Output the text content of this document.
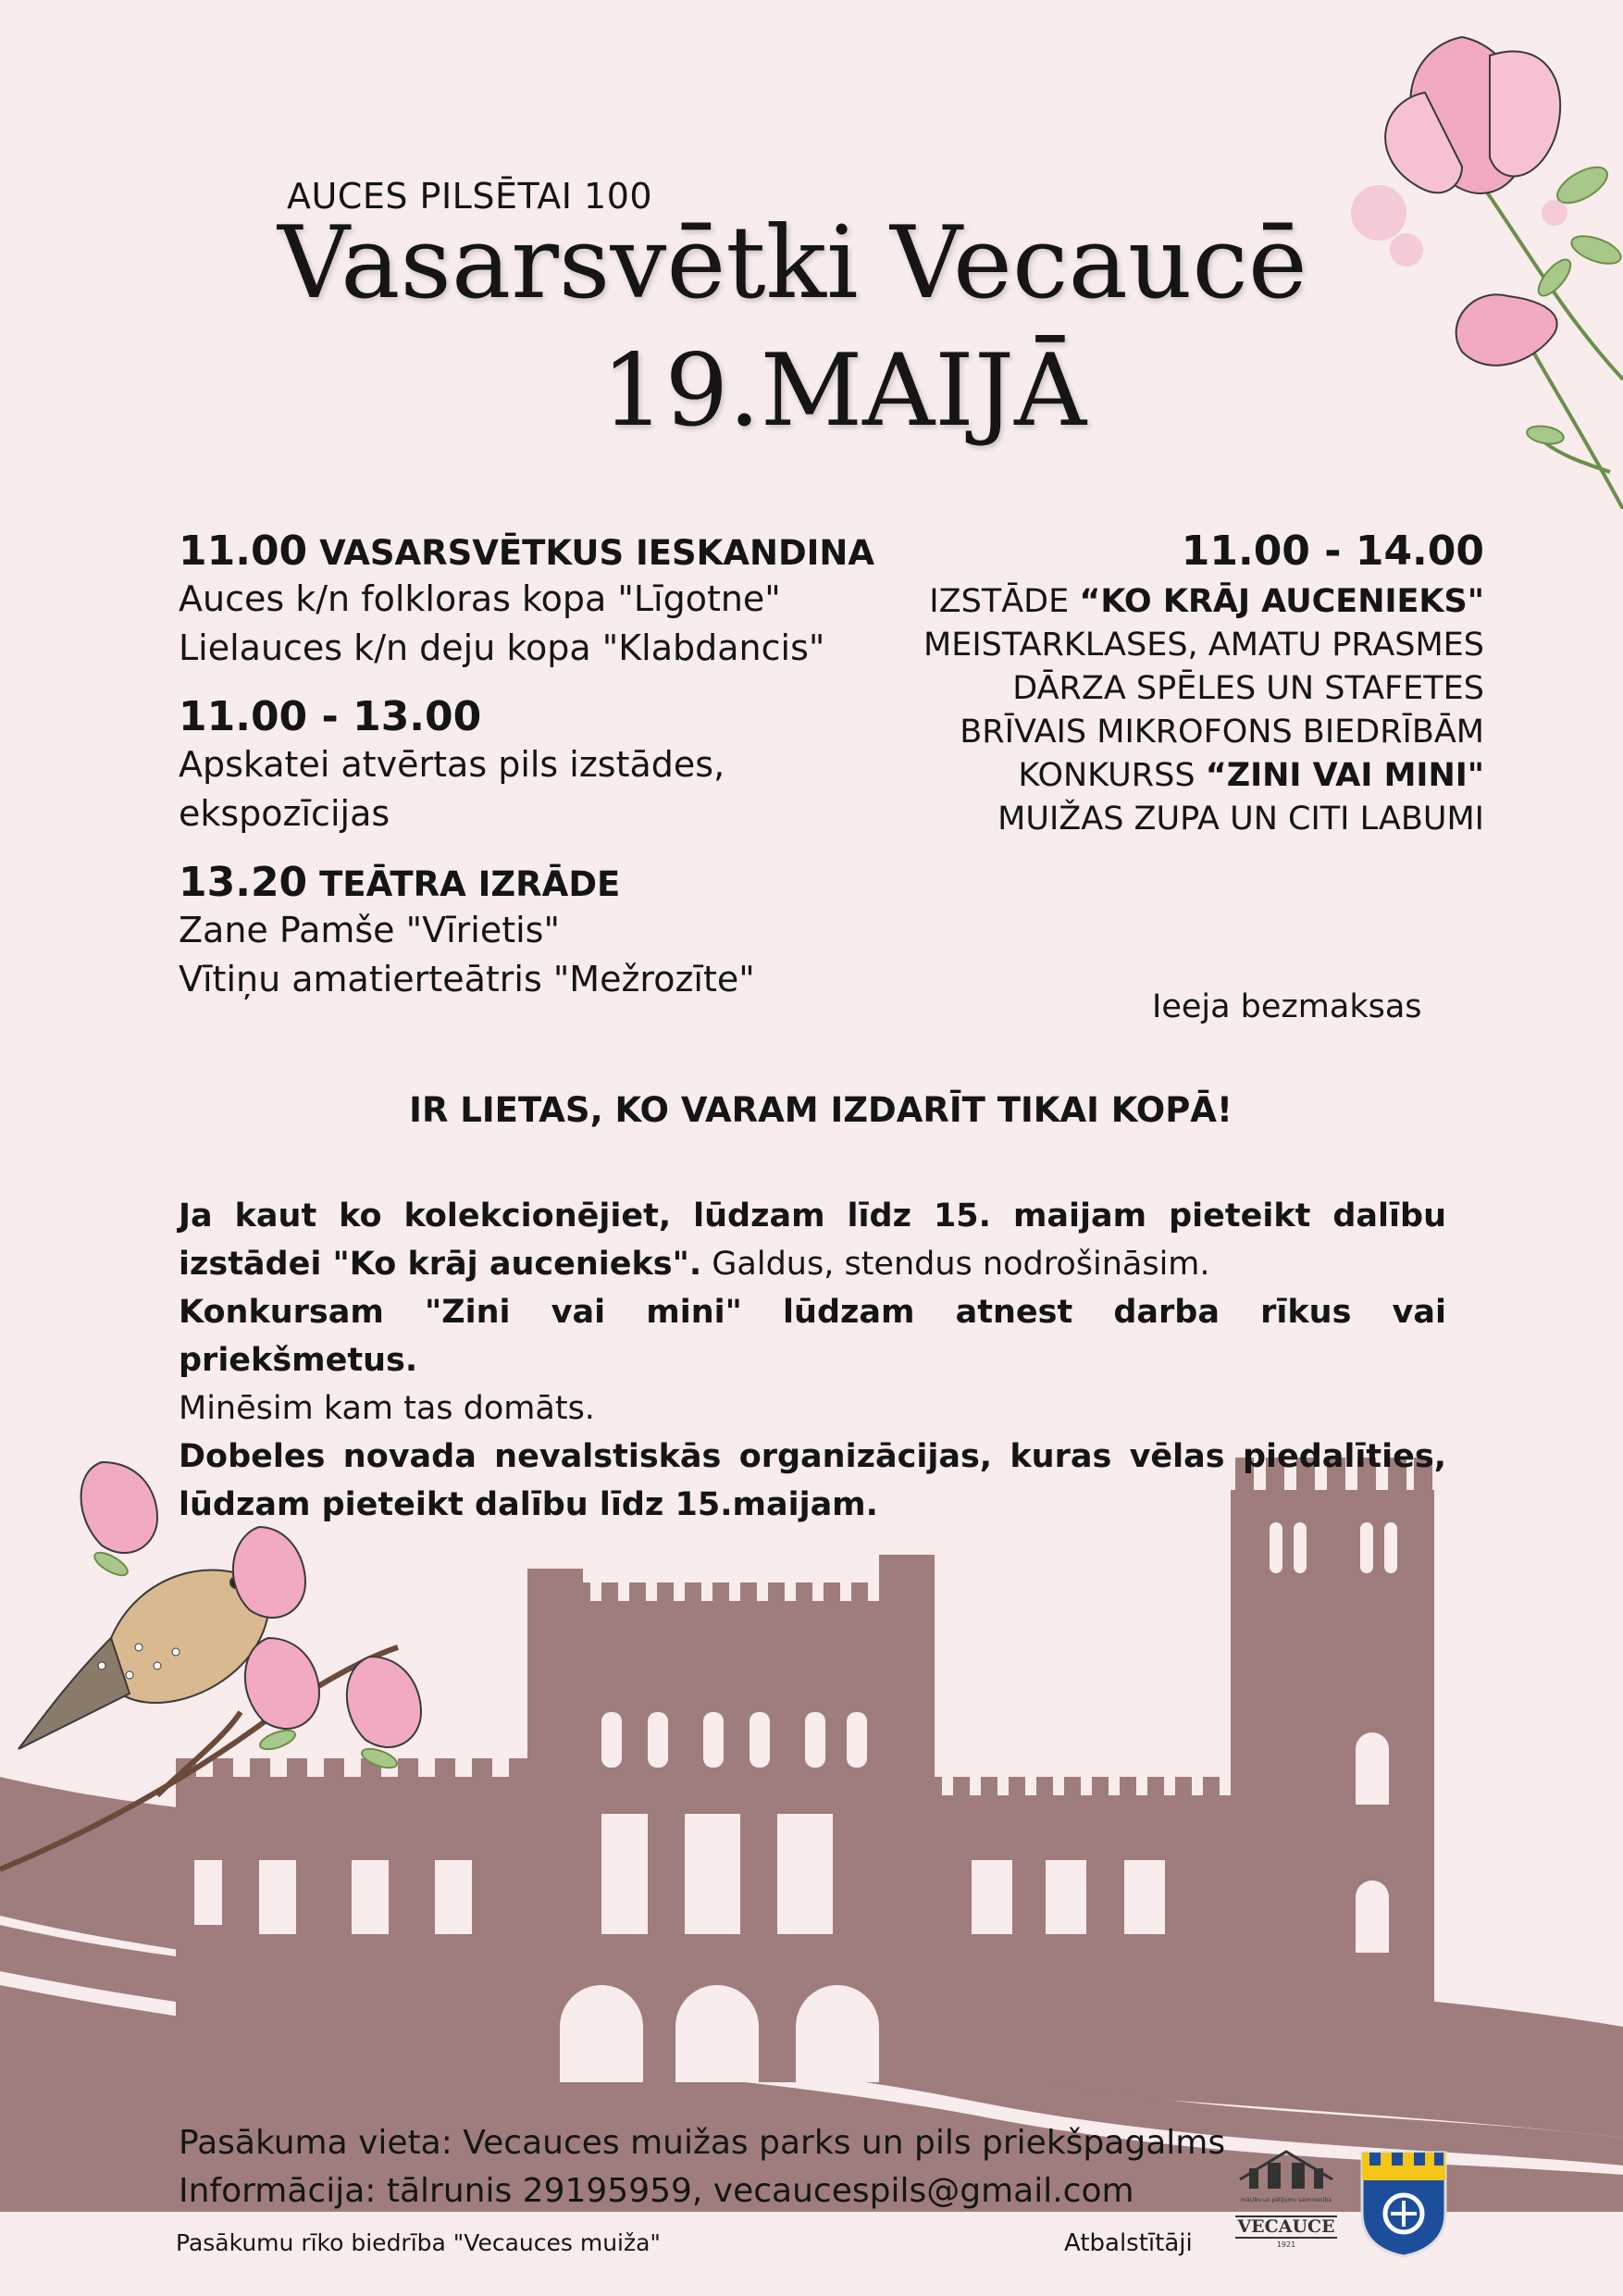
AUCES PILSĒTAI 100
Vasarsvētki Vecaucē
19.MAIJĀ
11.00 VASARSVĒTKUS IESKANDINA
Auces k/n folkloras kopa "Līgotne"
Lielauces k/n deju kopa "Klabdancis"
11.00 - 13.00
Apskatei atvērtas pils izstādes,
ekspozīcijas
13.20 TEĀTRA IZRĀDE
Zane Pamše "Vīrietis"
Vītiņu amatierteātris "Mežrozīte"
11.00 - 14.00
IZSTĀDE “KO KRĀJ AUCENIEKS"
MEISTARKLASES, AMATU PRASMES
DĀRZA SPĒLES UN STAFETES
BRĪVAIS MIKROFONS BIEDRĪBĀM
KONKURSS “ZINI VAI MINI"
MUIŽAS ZUPA UN CITI LABUMI
Ieeja bezmaksas
IR LIETAS, KO VARAM IZDARĪT TIKAI KOPĀ!
Ja kaut ko kolekcionējiet, lūdzam līdz 15. maijam pieteikt dalību izstādei "Ko krāj aucenieks". Galdus, stendus nodrošināsim.
Konkursam "Zini vai mini" lūdzam atnest darba rīkus vai priekšmetus.
Minēsim kam tas domāts.
Dobeles novada nevalstiskās organizācijas, kuras vēlas piedalīties, lūdzam pieteikt dalību līdz 15.maijam.
Pasākuma vieta: Vecauces muižas parks un pils priekšpagalms
Informācija: tālrunis 29195959, vecaucespils@gmail.com
Pasākumu rīko biedrība "Vecauces muiža"	Atbalstītāji
mācību un pētījumu saimniecība
VECAUCE
1921
